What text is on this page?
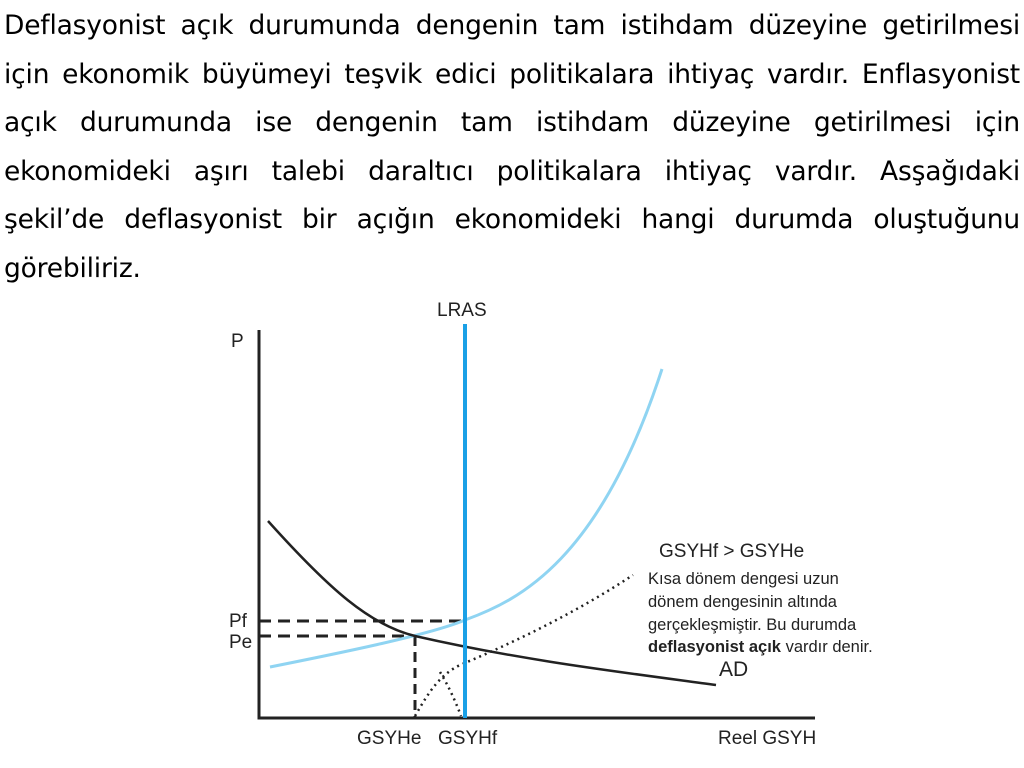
Deflasyonist açık durumunda dengenin tam istihdam düzeyine getirilmesi için ekonomik büyümeyi teşvik edici politikalara ihtiyaç vardır. Enflasyonist açık durumunda ise dengenin tam istihdam düzeyine getirilmesi için ekonomideki aşırı talebi daraltıcı politikalara ihtiyaç vardır. Asşağıdaki şekil’de deflasyonist bir açığın ekonomideki hangi durumda oluştuğunu görebiliriz.

P
Reel GSYH
LRAS
Pf
Pe
GSYHe GSYHf
AD
GSYHf > GSYHe
Kısa dönem dengesi uzun
dönem dengesinin altında
gerçekleşmiştir. Bu durumda
deflasyonist açık vardır denir.
